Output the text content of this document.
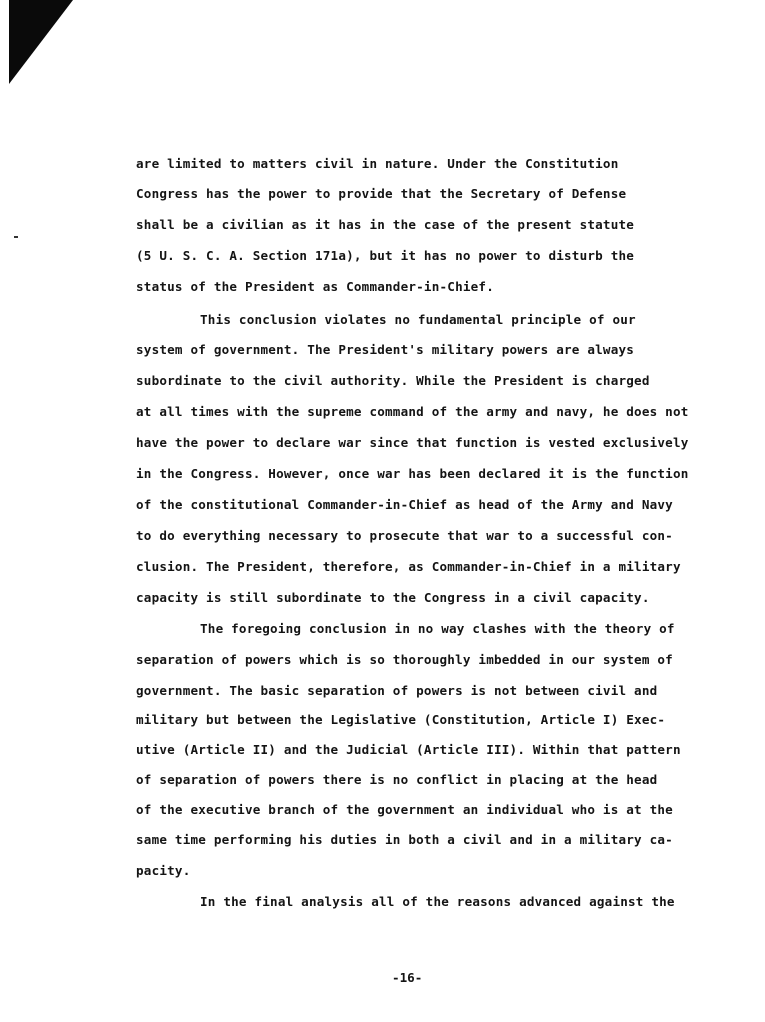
are limited to matters civil in nature. Under the Constitution
Congress has the power to provide that the Secretary of Defense
shall be a civilian as it has in the case of the present statute
(5 U. S. C. A. Section 171a), but it has no power to disturb the
status of the President as Commander-in-Chief.
This conclusion violates no fundamental principle of our
system of government. The President's military powers are always
subordinate to the civil authority. While the President is charged
at all times with the supreme command of the army and navy, he does not
have the power to declare war since that function is vested exclusively
in the Congress. However, once war has been declared it is the function
of the constitutional Commander-in-Chief as head of the Army and Navy
to do everything necessary to prosecute that war to a successful con-
clusion. The President, therefore, as Commander-in-Chief in a military
capacity is still subordinate to the Congress in a civil capacity.
The foregoing conclusion in no way clashes with the theory of
separation of powers which is so thoroughly imbedded in our system of
government. The basic separation of powers is not between civil and
military but between the Legislative (Constitution, Article I) Exec-
utive (Article II) and the Judicial (Article III). Within that pattern
of separation of powers there is no conflict in placing at the head
of the executive branch of the government an individual who is at the
same time performing his duties in both a civil and in a military ca-
pacity.
In the final analysis all of the reasons advanced against the
-16-
